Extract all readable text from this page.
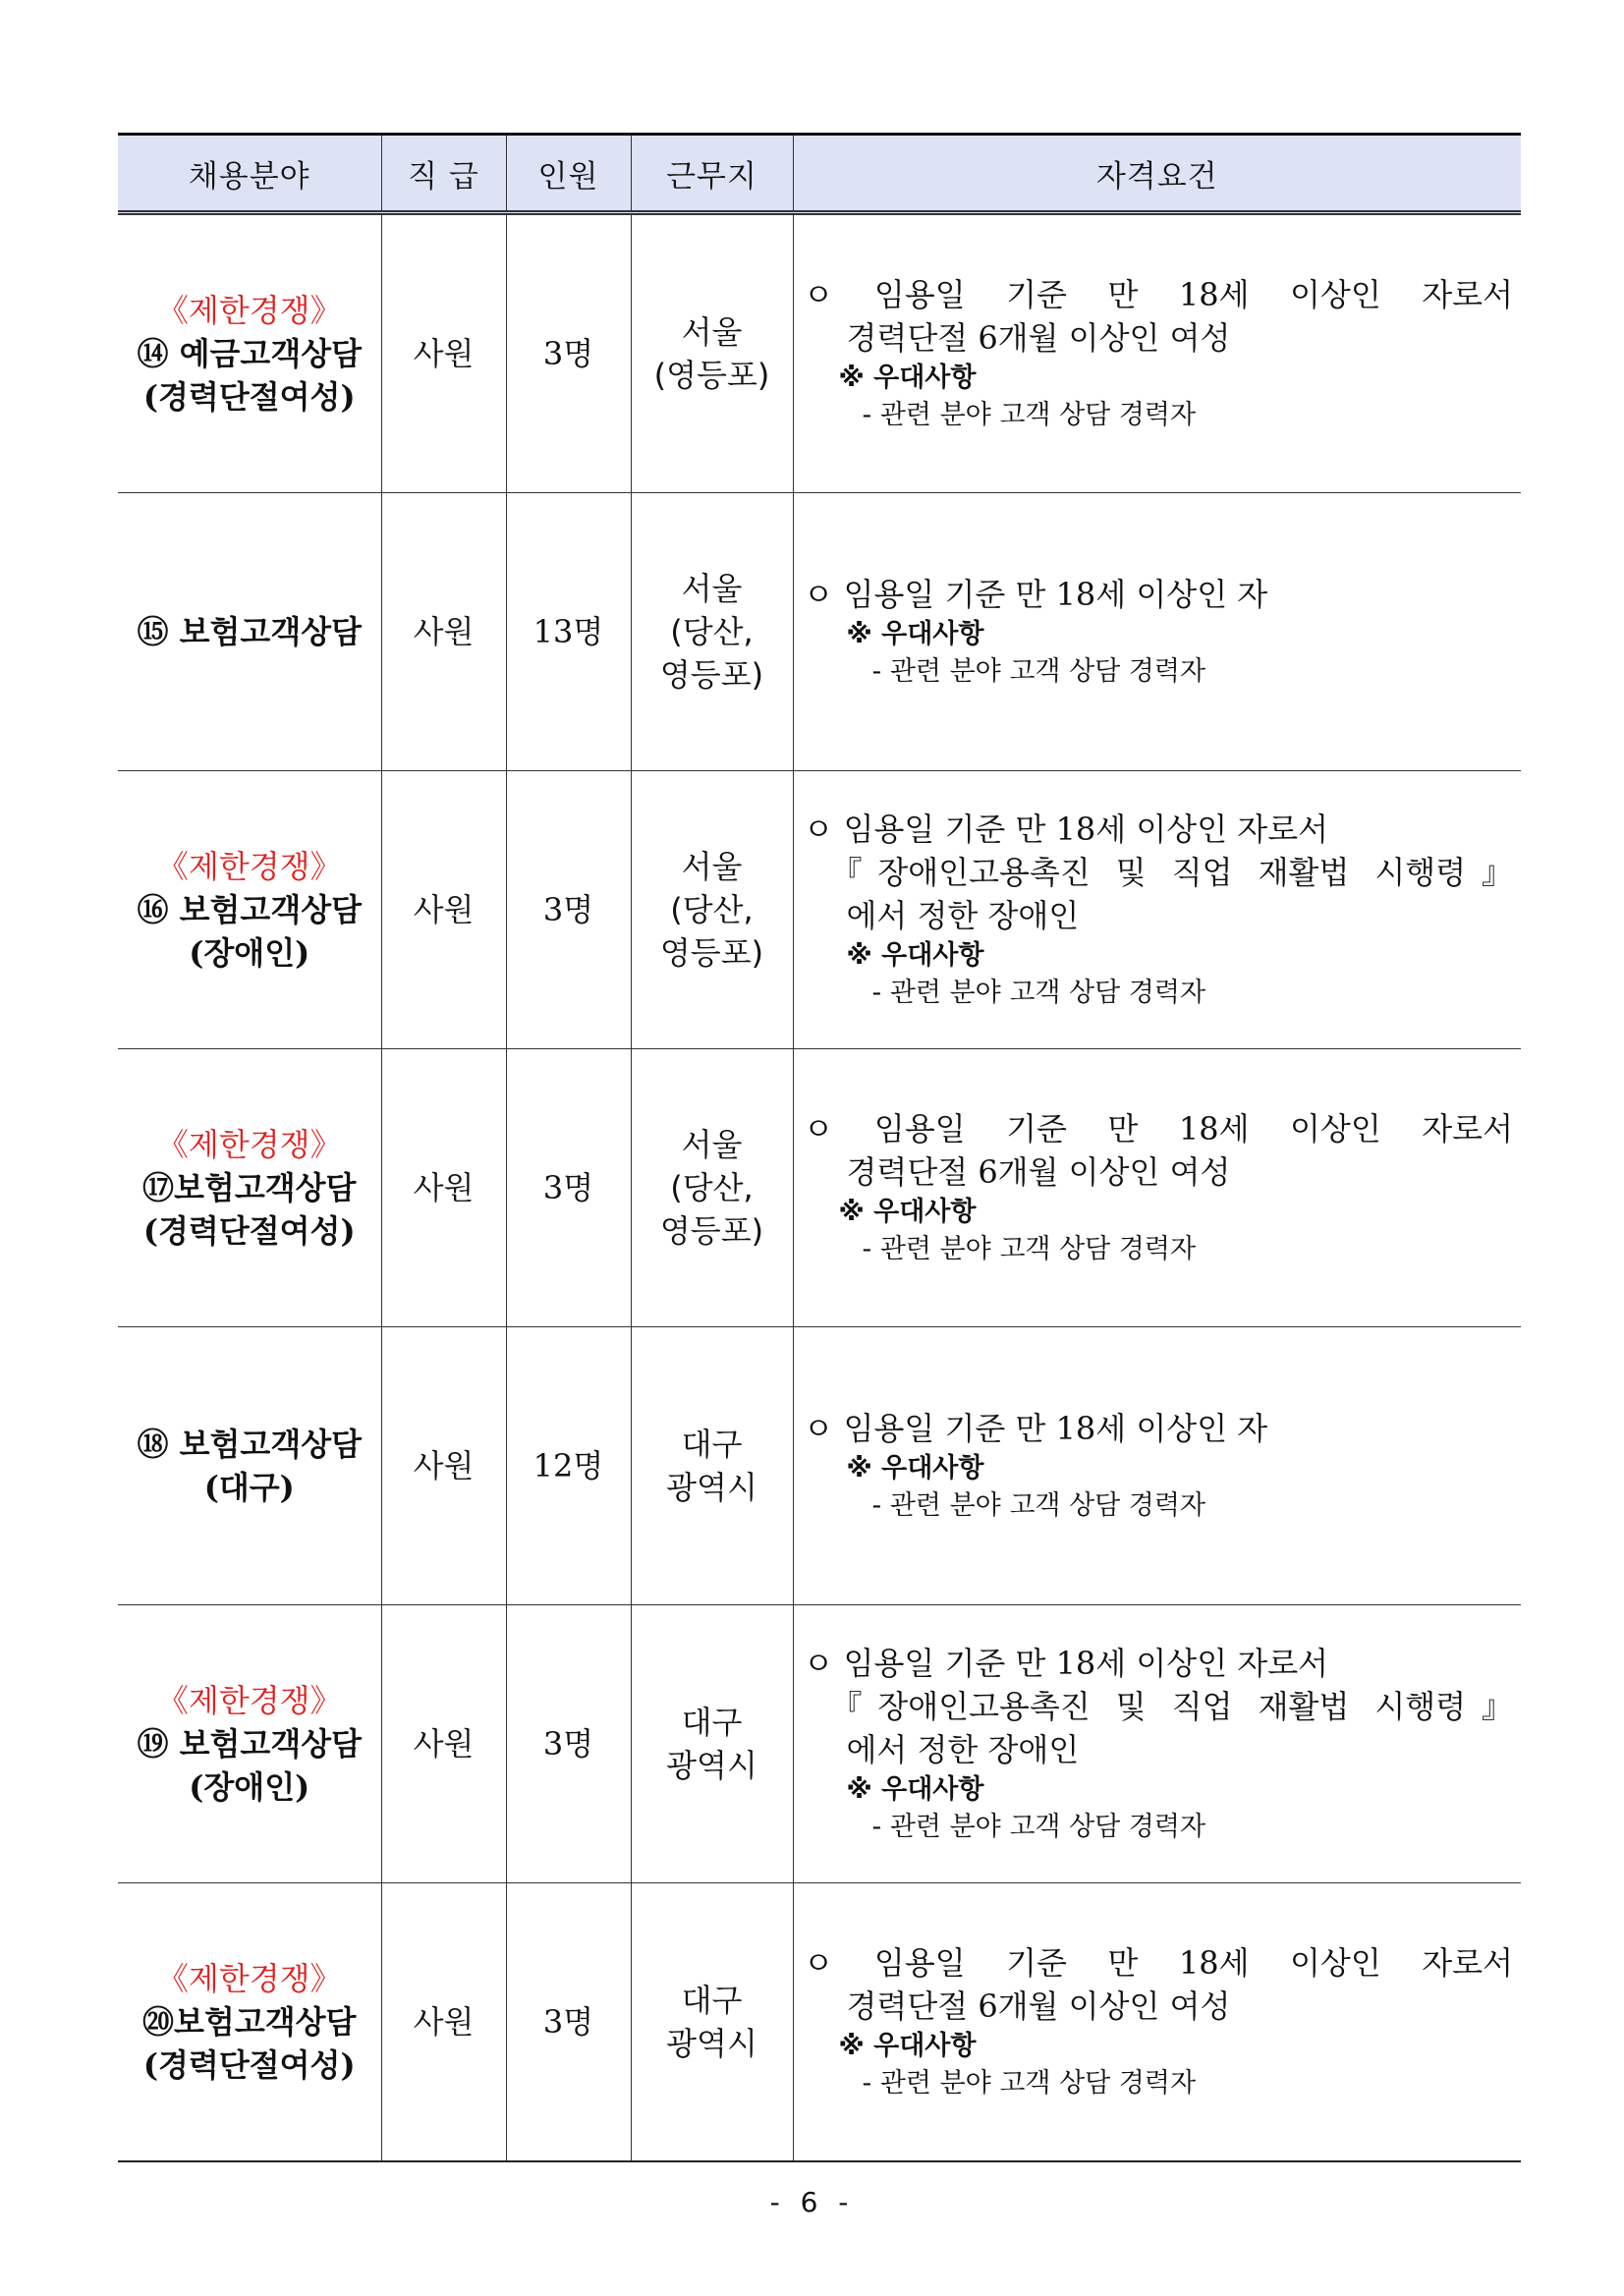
채용분야	직 급	인원	근무지	자격요건

《제한경쟁》
⑭ 예금고객상담
(경력단절여성)	사원	3명	서울
(영등포)	ㅇ 임용일 기준 만 18세 이상인 자로서
경력단절 6개월 이상인 여성
※ 우대사항
- 관련 분야 고객 상담 경력자

⑮ 보험고객상담	사원	13명	서울
(당산,
영등포)	ㅇ 임용일 기준 만 18세 이상인 자
※ 우대사항
- 관련 분야 고객 상담 경력자

《제한경쟁》
⑯ 보험고객상담
(장애인)	사원	3명	서울
(당산,
영등포)	ㅇ 임용일 기준 만 18세 이상인 자로서
『장애인고용촉진 및 직업 재활법 시행령』
에서 정한 장애인
※ 우대사항
- 관련 분야 고객 상담 경력자

《제한경쟁》
⑰보험고객상담
(경력단절여성)	사원	3명	서울
(당산,
영등포)	ㅇ 임용일 기준 만 18세 이상인 자로서
경력단절 6개월 이상인 여성
※ 우대사항
- 관련 분야 고객 상담 경력자

⑱ 보험고객상담
(대구)	사원	12명	대구
광역시	ㅇ 임용일 기준 만 18세 이상인 자
※ 우대사항
- 관련 분야 고객 상담 경력자

《제한경쟁》
⑲ 보험고객상담
(장애인)	사원	3명	대구
광역시	ㅇ 임용일 기준 만 18세 이상인 자로서
『장애인고용촉진 및 직업 재활법 시행령』
에서 정한 장애인
※ 우대사항
- 관련 분야 고객 상담 경력자

《제한경쟁》
⑳보험고객상담
(경력단절여성)	사원	3명	대구
광역시	ㅇ 임용일 기준 만 18세 이상인 자로서
경력단절 6개월 이상인 여성
※ 우대사항
- 관련 분야 고객 상담 경력자
- 6 -
